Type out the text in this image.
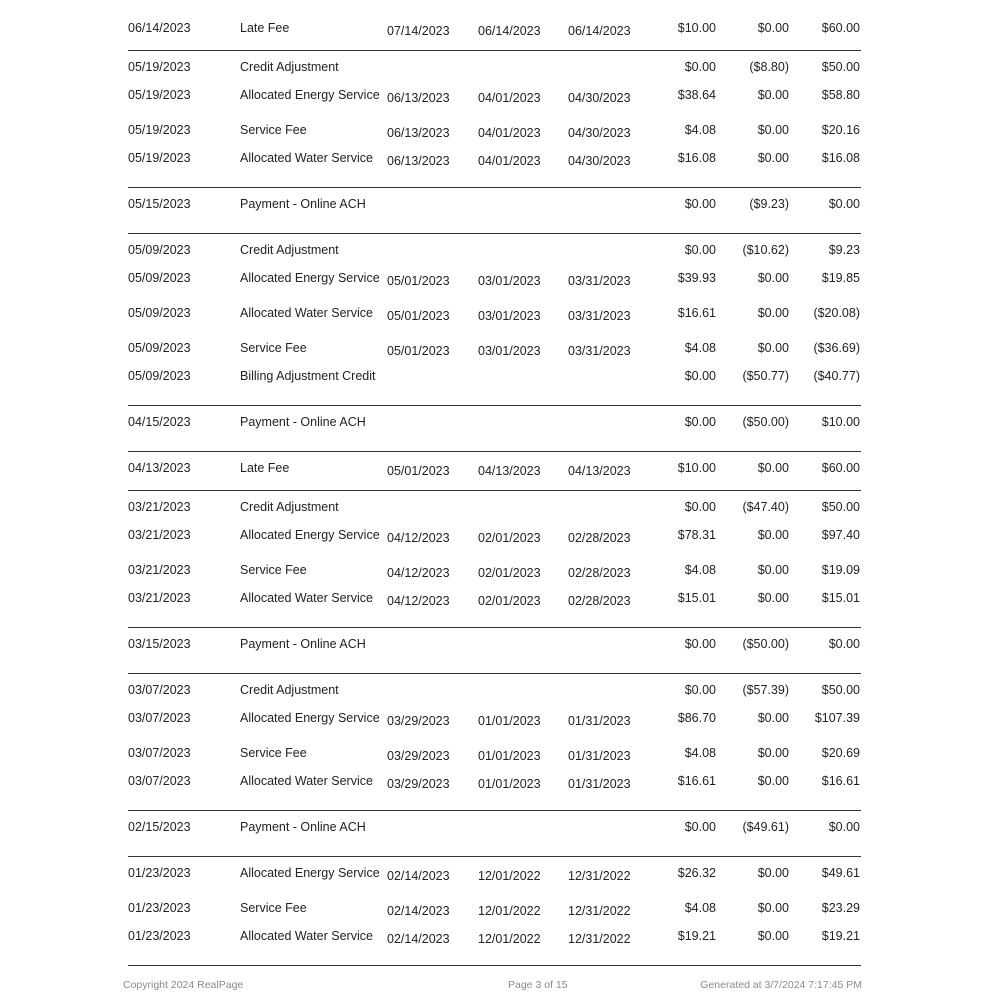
06/14/2023	Late Fee	07/14/2023	06/14/2023	06/14/2023	$10.00	$0.00	$60.00
05/19/2023	Credit Adjustment	$0.00	($8.80)	$50.00
05/19/2023	Allocated Energy Service 06/13/2023	04/01/2023	04/30/2023	$38.64	$0.00	$58.80
05/19/2023	Service Fee	06/13/2023	04/01/2023	04/30/2023	$4.08	$0.00	$20.16
05/19/2023	Allocated Water Service	06/13/2023	04/01/2023	04/30/2023	$16.08	$0.00	$16.08
05/15/2023	Payment - Online ACH	$0.00	($9.23)	$0.00
05/09/2023	Credit Adjustment	$0.00	($10.62)	$9.23
05/09/2023	Allocated Energy Service 05/01/2023	03/01/2023	03/31/2023	$39.93	$0.00	$19.85
05/09/2023	Allocated Water Service	05/01/2023	03/01/2023	03/31/2023	$16.61	$0.00	($20.08)
05/09/2023	Service Fee	05/01/2023	03/01/2023	03/31/2023	$4.08	$0.00	($36.69)
05/09/2023	Billing Adjustment Credit	$0.00	($50.77)	($40.77)
04/15/2023	Payment - Online ACH	$0.00	($50.00)	$10.00
04/13/2023	Late Fee	05/01/2023	04/13/2023	04/13/2023	$10.00	$0.00	$60.00
03/21/2023	Credit Adjustment	$0.00	($47.40)	$50.00
03/21/2023	Allocated Energy Service 04/12/2023	02/01/2023	02/28/2023	$78.31	$0.00	$97.40
03/21/2023	Service Fee	04/12/2023	02/01/2023	02/28/2023	$4.08	$0.00	$19.09
03/21/2023	Allocated Water Service	04/12/2023	02/01/2023	02/28/2023	$15.01	$0.00	$15.01
03/15/2023	Payment - Online ACH	$0.00	($50.00)	$0.00
03/07/2023	Credit Adjustment	$0.00	($57.39)	$50.00
03/07/2023	Allocated Energy Service 03/29/2023	01/01/2023	01/31/2023	$86.70	$0.00	$107.39
03/07/2023	Service Fee	03/29/2023	01/01/2023	01/31/2023	$4.08	$0.00	$20.69
03/07/2023	Allocated Water Service	03/29/2023	01/01/2023	01/31/2023	$16.61	$0.00	$16.61
02/15/2023	Payment - Online ACH	$0.00	($49.61)	$0.00
01/23/2023	Allocated Energy Service 02/14/2023	12/01/2022	12/31/2022	$26.32	$0.00	$49.61
01/23/2023	Service Fee	02/14/2023	12/01/2022	12/31/2022	$4.08	$0.00	$23.29
01/23/2023	Allocated Water Service	02/14/2023	12/01/2022	12/31/2022	$19.21	$0.00	$19.21
Copyright 2024 RealPage	Page 3 of 15	Generated at 3/7/2024 7:17:45 PM
